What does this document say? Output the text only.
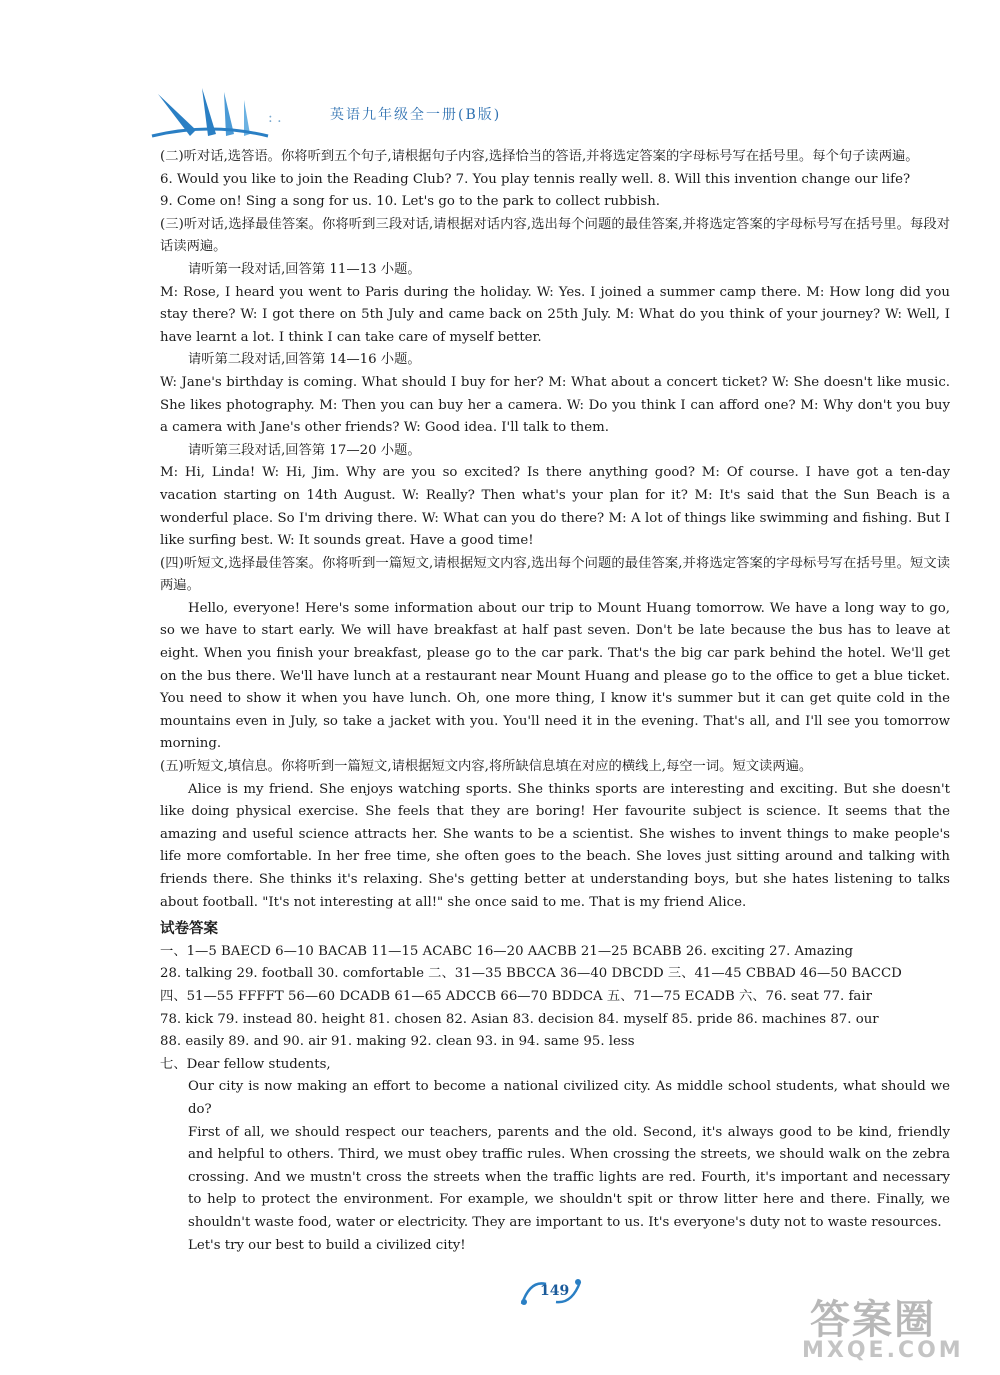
: .	英语九年级全一册(B版)

(二)听对话,选答语。你将听到五个句子,请根据句子内容,选择恰当的答语,并将选定答案的字母标号写在括号里。每个句子读两遍。

6. Would you like to join the Reading Club? 7. You play tennis really well. 8. Will this invention change our life?

9. Come on! Sing a song for us. 10. Let's go to the park to collect rubbish.

(三)听对话,选择最佳答案。你将听到三段对话,请根据对话内容,选出每个问题的最佳答案,并将选定答案的字母标号写在括号里。每段对话读两遍。

请听第一段对话,回答第 11—13 小题。

M: Rose, I heard you went to Paris during the holiday. W: Yes. I joined a summer camp there. M: How long did you stay there? W: I got there on 5th July and came back on 25th July. M: What do you think of your journey? W: Well, I have learnt a lot. I think I can take care of myself better.

请听第二段对话,回答第 14—16 小题。

W: Jane's birthday is coming. What should I buy for her? M: What about a concert ticket? W: She doesn't like music. She likes photography. M: Then you can buy her a camera. W: Do you think I can afford one? M: Why don't you buy a camera with Jane's other friends? W: Good idea. I'll talk to them.

请听第三段对话,回答第 17—20 小题。

M: Hi, Linda! W: Hi, Jim. Why are you so excited? Is there anything good? M: Of course. I have got a ten-day vacation starting on 14th August. W: Really? Then what's your plan for it? M: It's said that the Sun Beach is a wonderful place. So I'm driving there. W: What can you do there? M: A lot of things like swimming and fishing. But I like surfing best. W: It sounds great. Have a good time!

(四)听短文,选择最佳答案。你将听到一篇短文,请根据短文内容,选出每个问题的最佳答案,并将选定答案的字母标号写在括号里。短文读两遍。

Hello, everyone! Here's some information about our trip to Mount Huang tomorrow. We have a long way to go, so we have to start early. We will have breakfast at half past seven. Don't be late because the bus has to leave at eight. When you finish your breakfast, please go to the car park. That's the big car park behind the hotel. We'll get on the bus there. We'll have lunch at a restaurant near Mount Huang and please go to the office to get a blue ticket. You need to show it when you have lunch. Oh, one more thing, I know it's summer but it can get quite cold in the mountains even in July, so take a jacket with you. You'll need it in the evening. That's all, and I'll see you tomorrow morning.

(五)听短文,填信息。你将听到一篇短文,请根据短文内容,将所缺信息填在对应的横线上,每空一词。短文读两遍。

Alice is my friend. She enjoys watching sports. She thinks sports are interesting and exciting. But she doesn't like doing physical exercise. She feels that they are boring! Her favourite subject is science. It seems that the amazing and useful science attracts her. She wants to be a scientist. She wishes to invent things to make people's life more comfortable. In her free time, she often goes to the beach. She loves just sitting around and talking with friends there. She thinks it's relaxing. She's getting better at understanding boys, but she hates listening to talks about football. "It's not interesting at all!" she once said to me. That is my friend Alice.

试卷答案

一、1—5 BAECD 6—10 BACAB 11—15 ACABC 16—20 AACBB 21—25 BCABB 26. exciting 27. Amazing

28. talking 29. football 30. comfortable 二、31—35 BBCCA 36—40 DBCDD 三、41—45 CBBAD 46—50 BACCD

四、51—55 FFFFT 56—60 DCADB 61—65 ADCCB 66—70 BDDCA 五、71—75 ECADB 六、76. seat 77. fair

78. kick 79. instead 80. height 81. chosen 82. Asian 83. decision 84. myself 85. pride 86. machines 87. our

88. easily 89. and 90. air 91. making 92. clean 93. in 94. same 95. less

七、Dear fellow students,

Our city is now making an effort to become a national civilized city. As middle school students, what should we do?

First of all, we should respect our teachers, parents and the old. Second, it's always good to be kind, friendly and helpful to others. Third, we must obey traffic rules. When crossing the streets, we should walk on the zebra crossing. And we mustn't cross the streets when the traffic lights are red. Fourth, it's important and necessary to help to protect the environment. For example, we shouldn't spit or throw litter here and there. Finally, we shouldn't waste food, water or electricity. They are important to us. It's everyone's duty not to waste resources.

Let's try our best to build a civilized city!

149
答案圈
MXQE.COM
